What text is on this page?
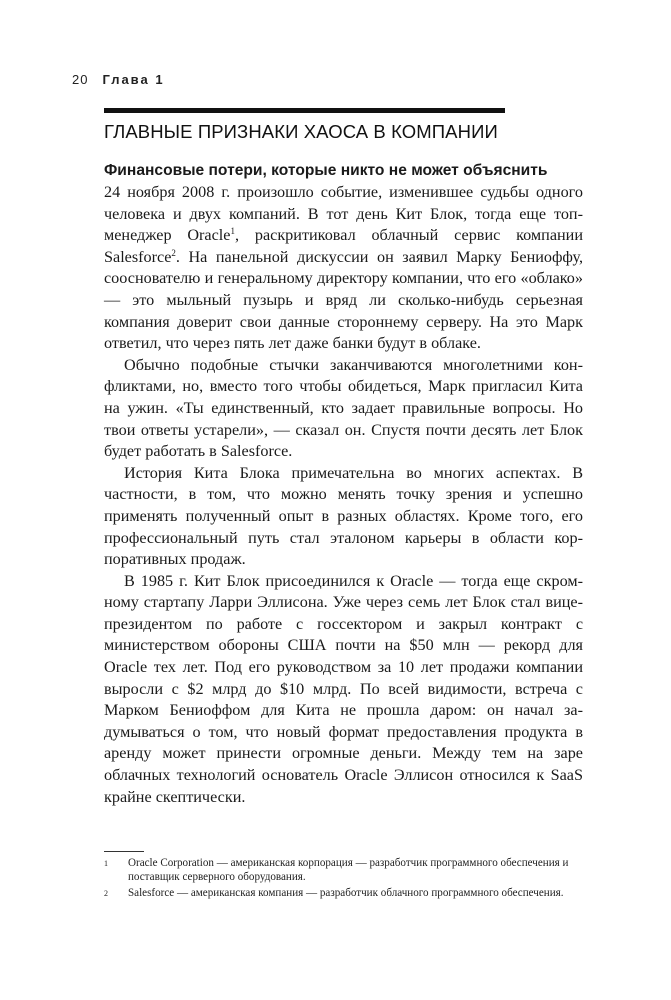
20 Глава 1
ГЛАВНЫЕ ПРИЗНАКИ ХАОСА В КОМПАНИИ
Финансовые потери, которые никто не может объяснить

24 ноября 2008 г. произошло событие, изменившее судьбы одного человека и двух компаний. В тот день Кит Блок, тогда еще топ-менеджер Oracle$^1$, раскритиковал облачный сервис компании Salesforce$^2$. На панельной дискуссии он заявил Марку Бениоффу, сооснователю и генеральному директору компании, что его «облако» — это мыльный пузырь и вряд ли сколько-нибудь серьезная компания доверит свои данные стороннему серверу. На это Марк ответил, что через пять лет даже банки будут в облаке.

Обычно подобные стычки заканчиваются многолетними конфликтами, но, вместо того чтобы обидеться, Марк пригласил Кита на ужин. «Ты единственный, кто задает правильные вопросы. Но твои ответы устарели», — сказал он. Спустя почти десять лет Блок будет работать в Salesforce.

История Кита Блока примечательна во многих аспектах. В частности, в том, что можно менять точку зрения и успешно применять полученный опыт в разных областях. Кроме того, его профессиональный путь стал эталоном карьеры в области корпоративных продаж.

В 1985 г. Кит Блок присоединился к Oracle — тогда еще скромному стартапу Ларри Эллисона. Уже через семь лет Блок стал вице-президентом по работе с госсектором и закрыл контракт с министерством обороны США почти на $50 млн — рекорд для Oracle тех лет. Под его руководством за 10 лет продажи компании выросли с $2 млрд до $10 млрд. По всей видимости, встреча с Марком Бениоффом для Кита не прошла даром: он начал задумываться о том, что новый формат предоставления продукта в аренду может принести огромные деньги. Между тем на заре облачных технологий основатель Oracle Эллисон относился к SaaS крайне скептически.

1	Oracle Corporation — американская корпорация — разработчик программного обеспечения и поставщик серверного оборудования.
2	Salesforce — американская компания — разработчик облачного программного обеспечения.
